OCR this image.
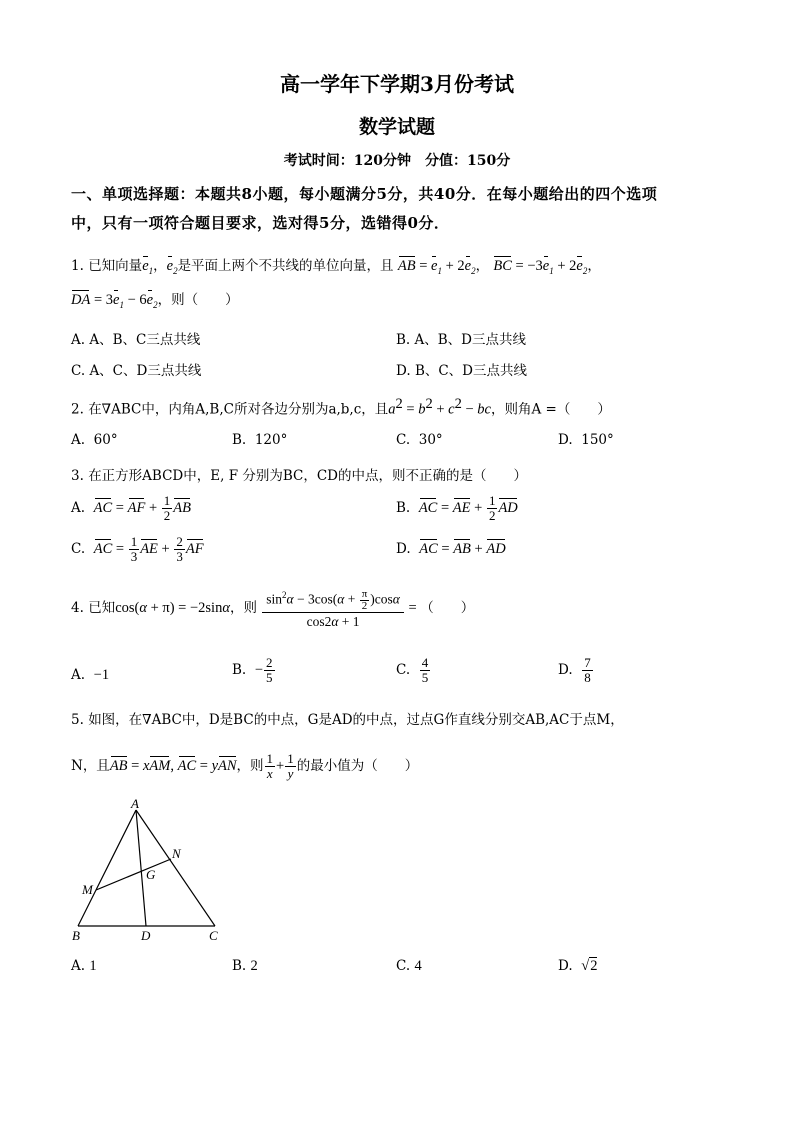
高一学年下学期3月份考试
数学试题
考试时间：120分钟　分值：150分
一、单项选择题：本题共8小题，每小题满分5分，共40分．在每小题给出的四个选项
中，只有一项符合题目要求，选对得5分，选错得0分．
1. 已知向量$e_1$，$e_2$是平面上两个不共线的单位向量，且 AB = $e_1 + 2e_2$， BC = $-3e_1 + 2e_2$，
DA = $3e_1 - 6e_2$，则（　　）
A. A、B、C三点共线	B. A、B、D三点共线
C. A、C、D三点共线	D. B、C、D三点共线
2. 在∇ABC中，内角A,B,C所对各边分别为a,b,c，且$a^2 = b^2 + c^2$ − bc，则角A =（　　）
A. 60°	B. 120°	C. 30°	D. 150°
3. 在正方形ABCD中，E, F 分别为BC，CD的中点，则不正确的是（　　）
A. AC = AF + $\frac{1}{2}$ AB	B. AC = AE + $\frac{1}{2}$ AD
C. AC = $\frac{1}{3}$ AE + $\frac{2}{3}$ AF	D. AC = AB + AD
4. 已知cos(α + π) = −2sinα，则 $\frac{\sin^2\alpha - 3\cos(\alpha + \frac{\pi}{2} )\cos\alpha}{\cos 2\alpha + 1}$ = （　　）
A. −1	B. − $\frac{2}{5}$	C. $\frac{4}{5}$	D. $\frac{7}{8}$
5. 如图，在∇ABC中，D是BC的中点，G是AD的中点，过点G作直线分别交AB,AC于点M，
N，且AB = xAM, AC = yAN，则 $\frac{1}{x} + \frac{1}{y}$ 的最小值为（　　）
A
B	C
D
G
M
N
A. 1	B. 2	C. 4	D. √2
